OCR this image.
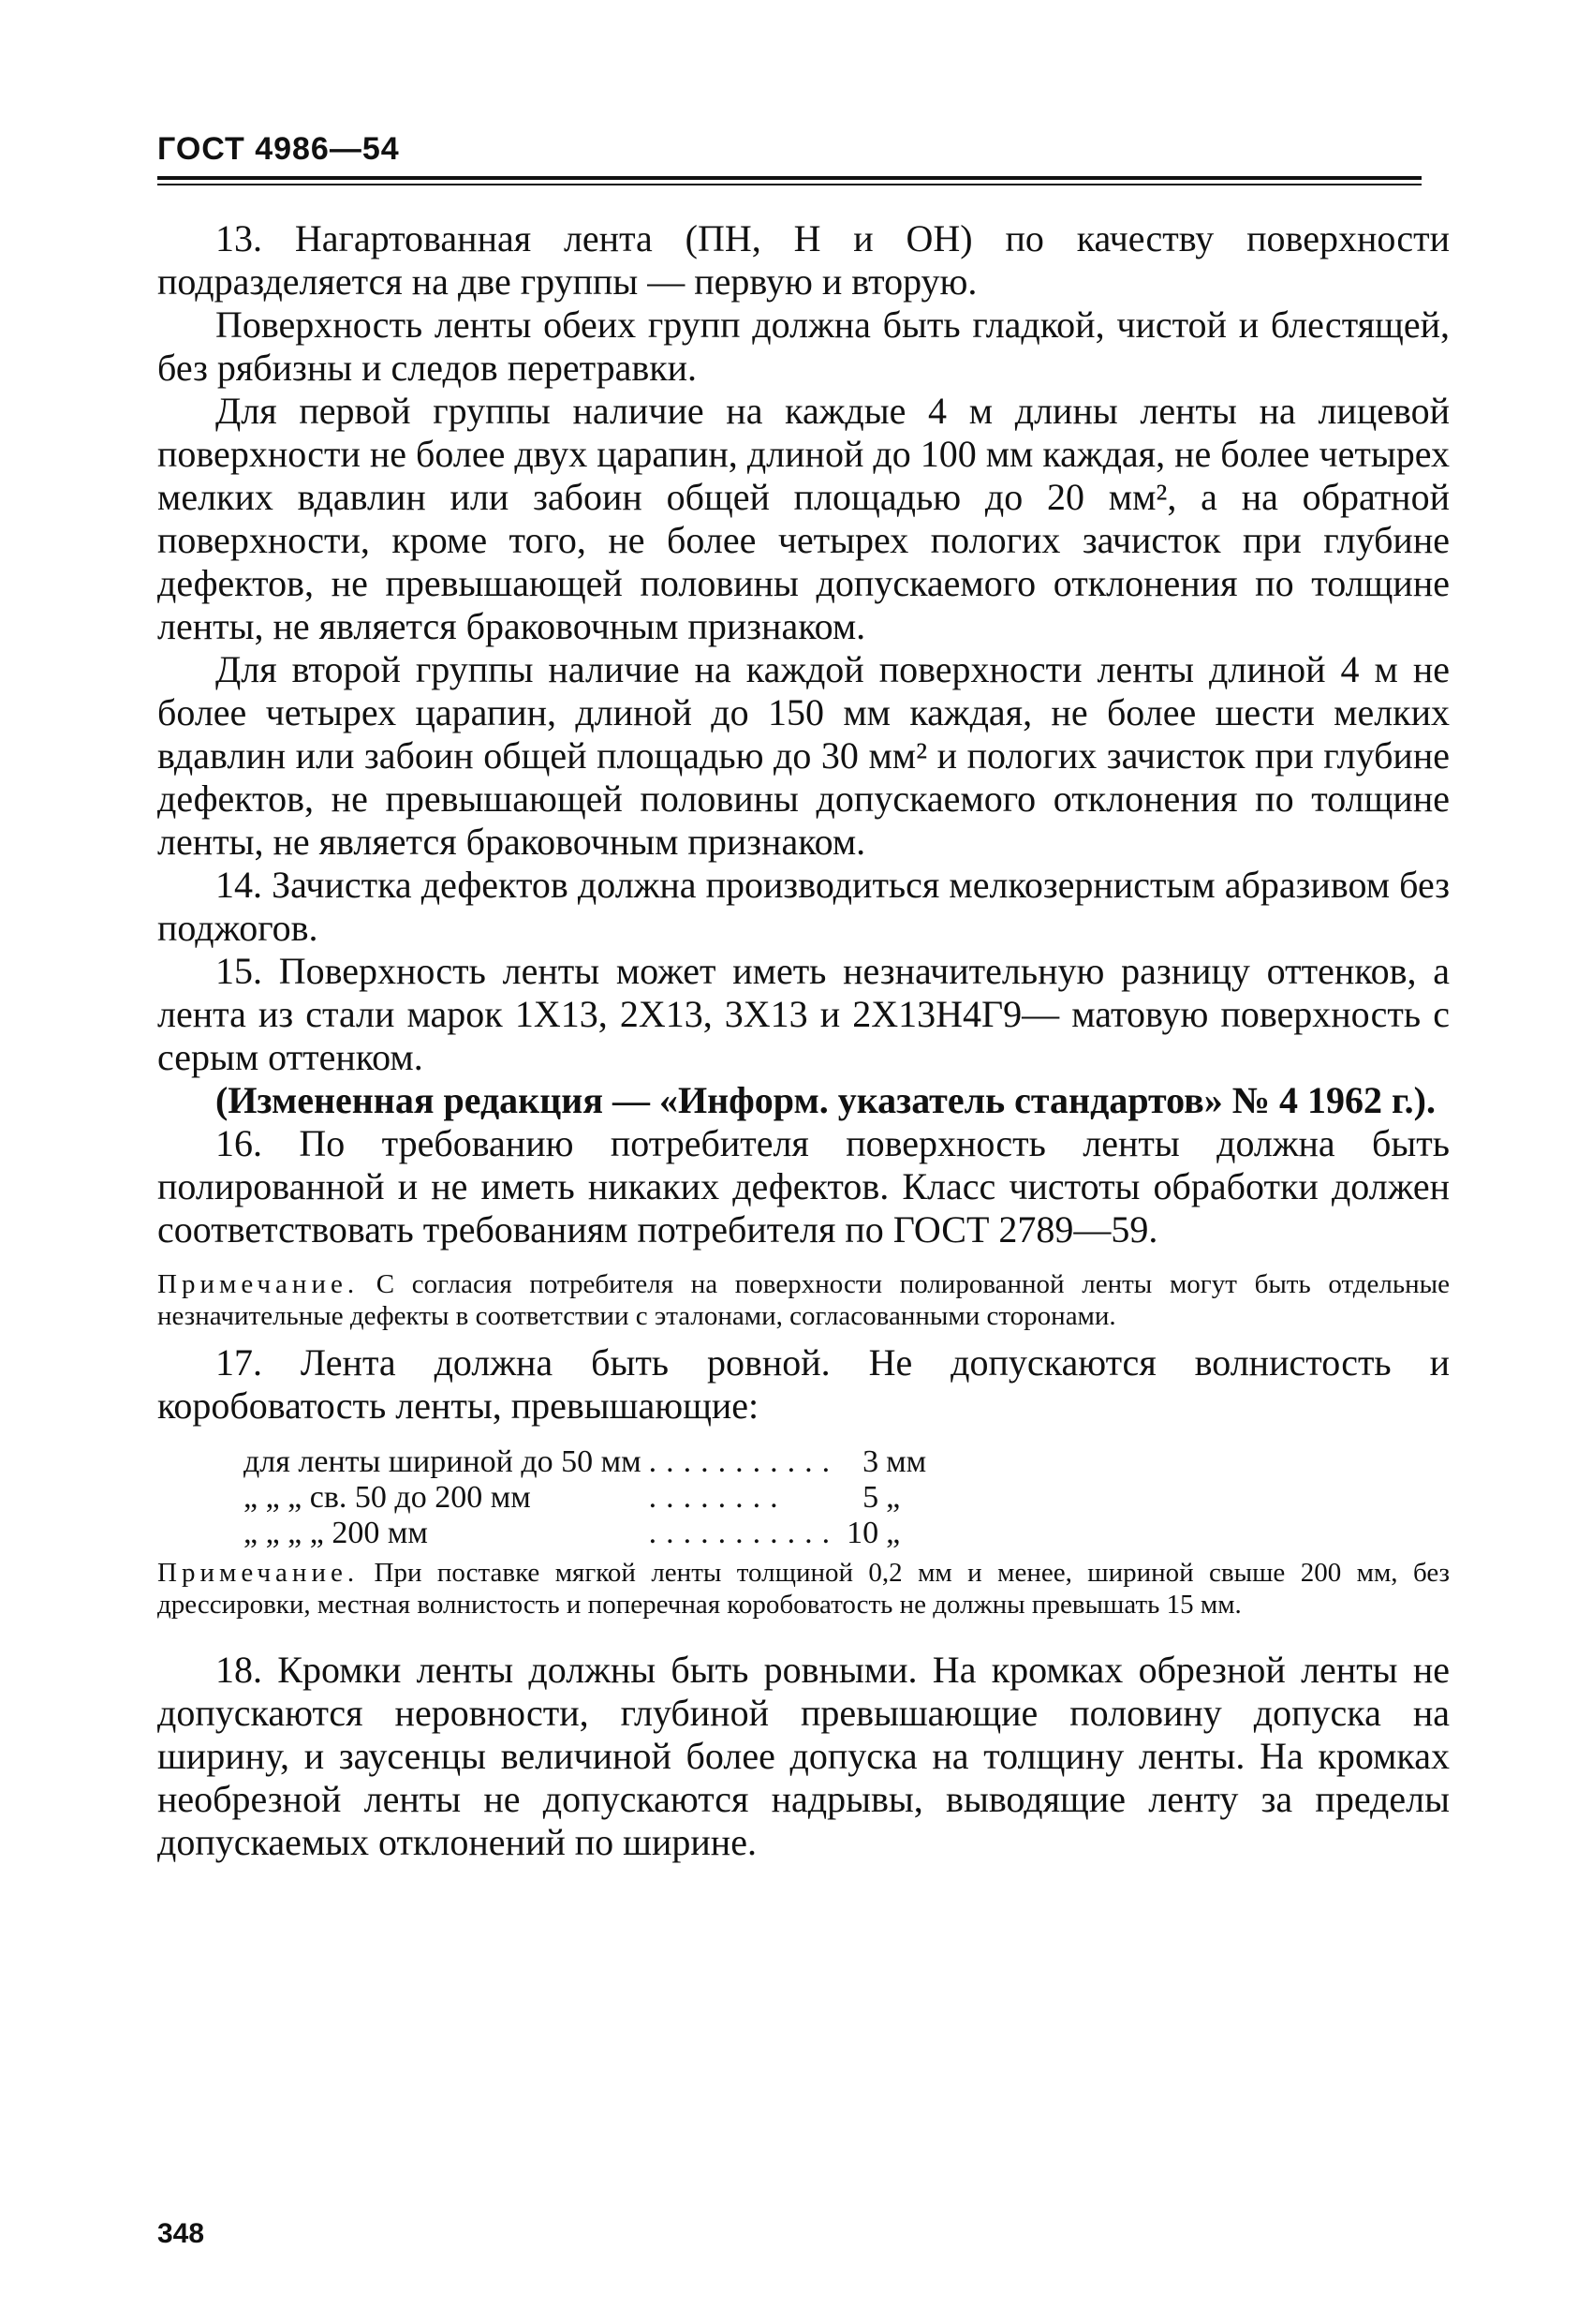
ГОСТ 4986—54

13. Нагартованная лента (ПН, Н и ОН) по качеству поверхности подразделяется на две группы — первую и вторую.

Поверхность ленты обеих групп должна быть гладкой, чистой и блестящей, без рябизны и следов перетравки.

Для первой группы наличие на каждые 4 м длины ленты на лицевой поверхности не более двух царапин, длиной до 100 мм каждая, не более четырех мелких вдавлин или забоин общей площадью до 20 мм², а на обратной поверхности, кроме того, не более четырех пологих зачисток при глубине дефектов, не превышающей половины допускаемого отклонения по толщине ленты, не является браковочным признаком.

Для второй группы наличие на каждой поверхности ленты длиной 4 м не более четырех царапин, длиной до 150 мм каждая, не более шести мелких вдавлин или забоин общей площадью до 30 мм² и пологих зачисток при глубине дефектов, не превышающей половины допускаемого отклонения по толщине ленты, не является браковочным признаком.

14. Зачистка дефектов должна производиться мелкозернистым абразивом без поджогов.

15. Поверхность ленты может иметь незначительную разницу оттенков, а лента из стали марок 1Х13, 2Х13, 3Х13 и 2Х13Н4Г9— матовую поверхность с серым оттенком.

(Измененная редакция — «Информ. указатель стандартов» № 4 1962 г.).

16. По требованию потребителя поверхность ленты должна быть полированной и не иметь никаких дефектов. Класс чистоты обработки должен соответствовать требованиям потребителя по ГОСТ 2789—59.

Примечание. С согласия потребителя на поверхности полированной ленты могут быть отдельные незначительные дефекты в соответствии с эталонами, согласованными сторонами.

17. Лента должна быть ровной. Не допускаются волнистость и коробоватость ленты, превышающие:

для ленты шириной до 50 мм	...........	3	мм
„ „ „ св. 50 до 200 мм	........	5	„
„ „ „ „ 200 мм	...........	10	„

Примечание. При поставке мягкой ленты толщиной 0,2 мм и менее, шириной свыше 200 мм, без дрессировки, местная волнистость и поперечная коробоватость не должны превышать 15 мм.

18. Кромки ленты должны быть ровными. На кромках обрезной ленты не допускаются неровности, глубиной превышающие половину допуска на ширину, и заусенцы величиной более допуска на толщину ленты. На кромках необрезной ленты не допускаются надрывы, выводящие ленту за пределы допускаемых отклонений по ширине.

348
